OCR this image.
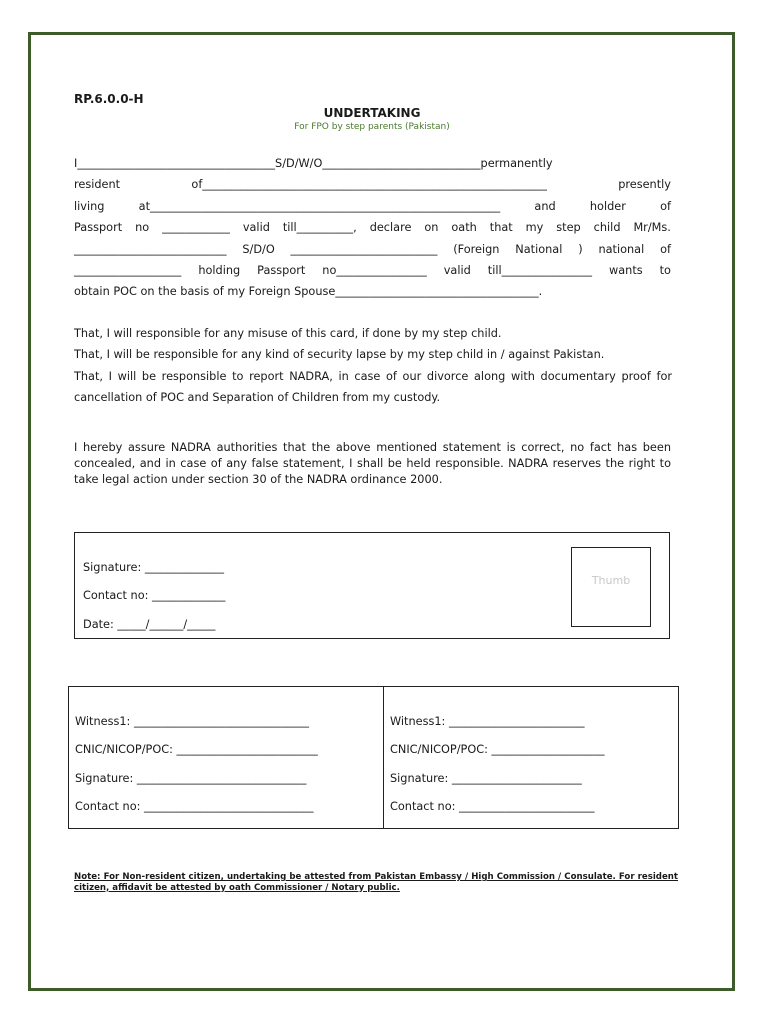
RP.6.0.0-H

UNDERTAKING

For FPO by step parents (Pakistan)

I___________________________________S/D/W/O____________________________permanently
resident	of_____________________________________________________________	presently
living	at______________________________________________________________	and	holder	of
Passport no ____________ valid till__________, declare on oath that my step child Mr/Ms.
___________________________ S/D/O __________________________ (Foreign National ) national of
___________________ holding Passport no________________ valid till________________ wants to
obtain POC on the basis of my Foreign Spouse____________________________________.

That, I will responsible for any misuse of this card, if done by my step child.

That, I will be responsible for any kind of security lapse by my step child in / against Pakistan.

That, I will be responsible to report NADRA, in case of our divorce along with documentary proof for

cancellation of POC and Separation of Children from my custody.

I hereby assure NADRA authorities that the above mentioned statement is correct, no fact has been concealed, and in case of any false statement, I shall be held responsible. NADRA reserves the right to take legal action under section 30 of the NADRA ordinance 2000.

Signature: ______________
Contact no: _____________
Date: _____/______/_____
Thumb
Witness1: _______________________________
CNIC/NICOP/POC: _________________________
Signature: ______________________________
Contact no: ______________________________
Witness1: ________________________
CNIC/NICOP/POC: ____________________
Signature: _______________________
Contact no: ________________________

Note: For Non-resident citizen, undertaking be attested from Pakistan Embassy / High Commission / Consulate. For resident citizen, affidavit be attested by oath Commissioner / Notary public.
